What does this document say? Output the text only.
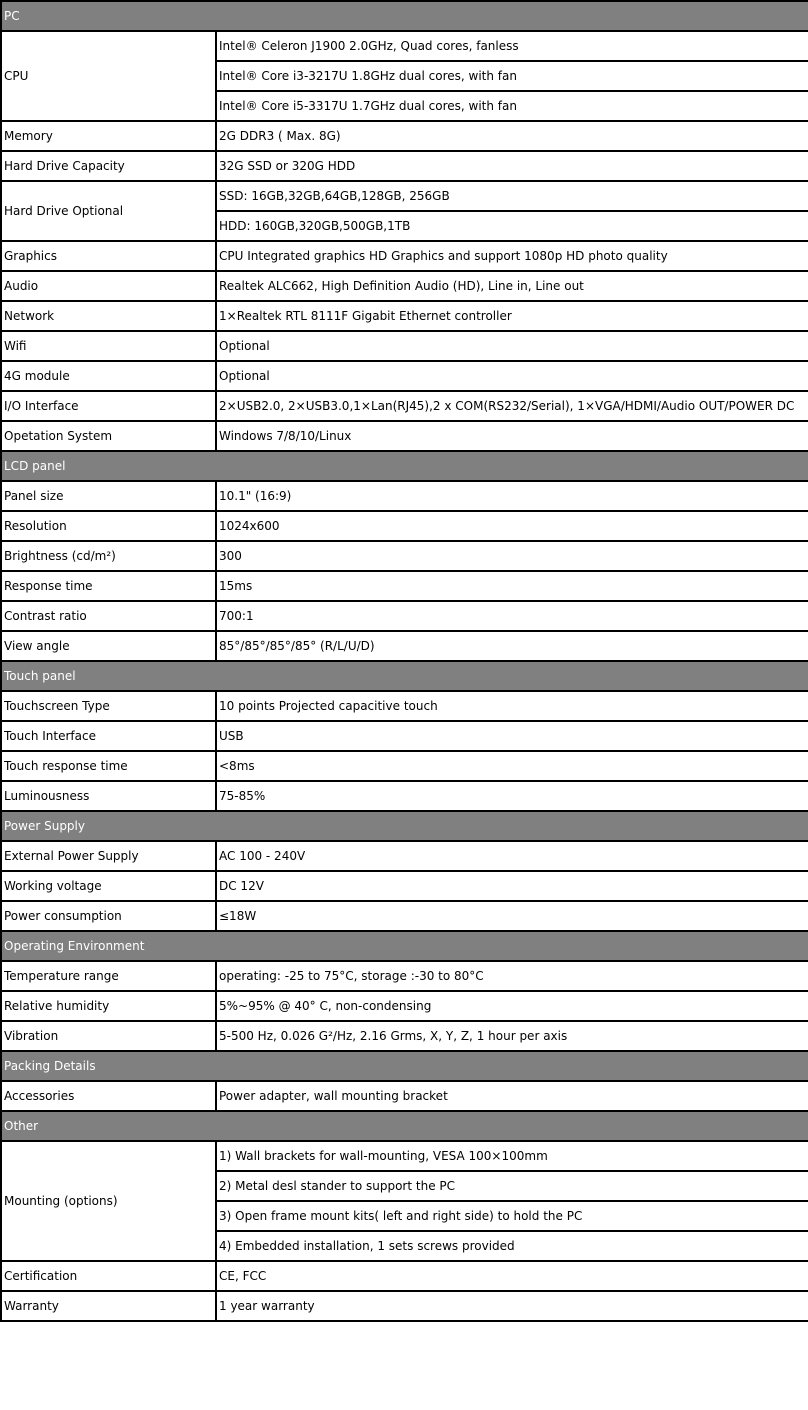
PC	
CPU	Intel® Celeron J1900 2.0GHz, Quad cores, fanless
	Intel® Core i3-3217U 1.8GHz dual cores, with fan
	Intel® Core i5-3317U 1.7GHz dual cores, with fan
Memory	2G DDR3 ( Max. 8G)
Hard Drive Capacity	32G SSD or 320G HDD
Hard Drive Optional	SSD: 16GB,32GB,64GB,128GB, 256GB
	HDD: 160GB,320GB,500GB,1TB
Graphics	CPU Integrated graphics HD Graphics and support 1080p HD photo quality
Audio	Realtek ALC662, High Definition Audio (HD), Line in, Line out
Network	1×Realtek RTL 8111F Gigabit Ethernet controller
Wifi	Optional
4G module	Optional
I/O Interface	2×USB2.0, 2×USB3.0,1×Lan(RJ45),2 x COM(RS232/Serial), 1×VGA/HDMI/Audio OUT/POWER DC
Opetation System	Windows 7/8/10/Linux
LCD panel	
Panel size	10.1" (16:9)
Resolution	1024x600
Brightness (cd/m²)	300
Response time	15ms
Contrast ratio	700:1
View angle	85°/85°/85°/85° (R/L/U/D)
Touch panel	
Touchscreen Type	10 points Projected capacitive touch
Touch Interface	USB
Touch response time	<8ms
Luminousness	75-85%
Power Supply	
External Power Supply	AC 100 - 240V
Working voltage	DC 12V
Power consumption	≤18W
Operating Environment	
Temperature range	operating: -25 to 75°C, storage :-30 to 80°C
Relative humidity	5%~95% @ 40° C, non-condensing
Vibration	5-500 Hz, 0.026 G²/Hz, 2.16 Grms, X, Y, Z, 1 hour per axis
Packing Details	
Accessories	Power adapter, wall mounting bracket
Other	
Mounting (options)	1) Wall brackets for wall-mounting, VESA 100×100mm
	2) Metal desl stander to support the PC
	3) Open frame mount kits( left and right side) to hold the PC
	4) Embedded installation, 1 sets screws provided
Certification	CE, FCC
Warranty	1 year warranty
